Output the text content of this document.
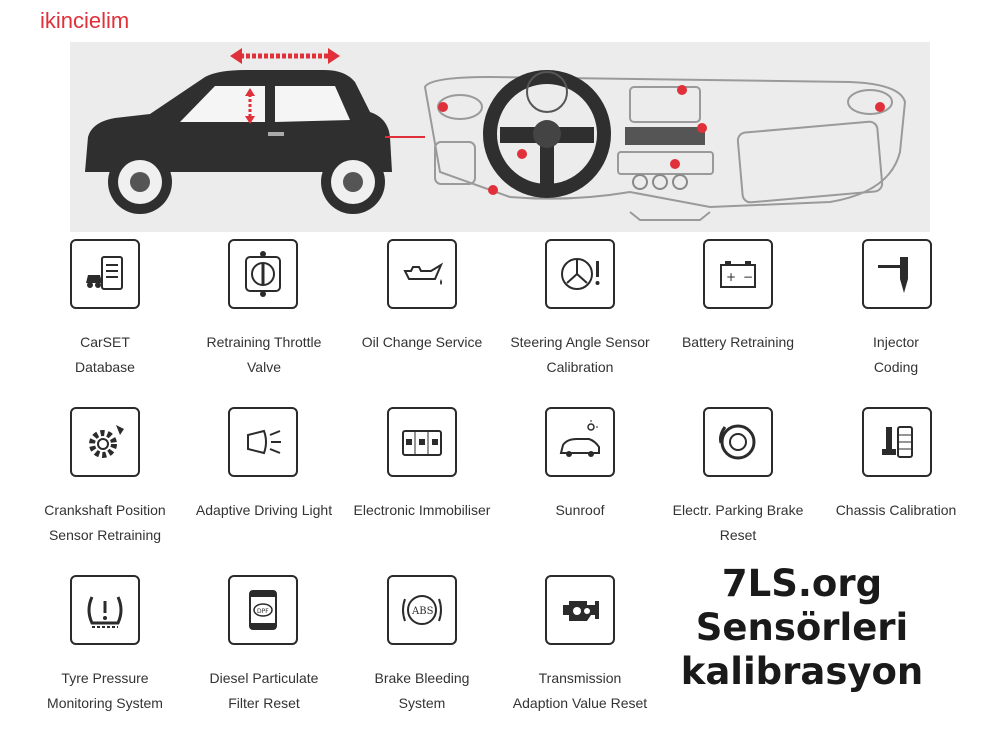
ikincielim
+ −
CarSET
Database
Retraining Throttle
Valve
Oil Change Service	Steering Angle Sensor
Calibration
Battery Retraining	Injector
Coding
Crankshaft Position
Sensor Retraining
Adaptive Driving Light	Electronic Immobiliser	Sunroof	Electr. Parking Brake
Reset
Chassis Calibration
DPF	ABS
Tyre Pressure
Monitoring System
Diesel Particulate
Filter Reset
Brake Bleeding
System
Transmission
Adaption Value Reset
7LS.org
Sensörleri
kalibrasyon
